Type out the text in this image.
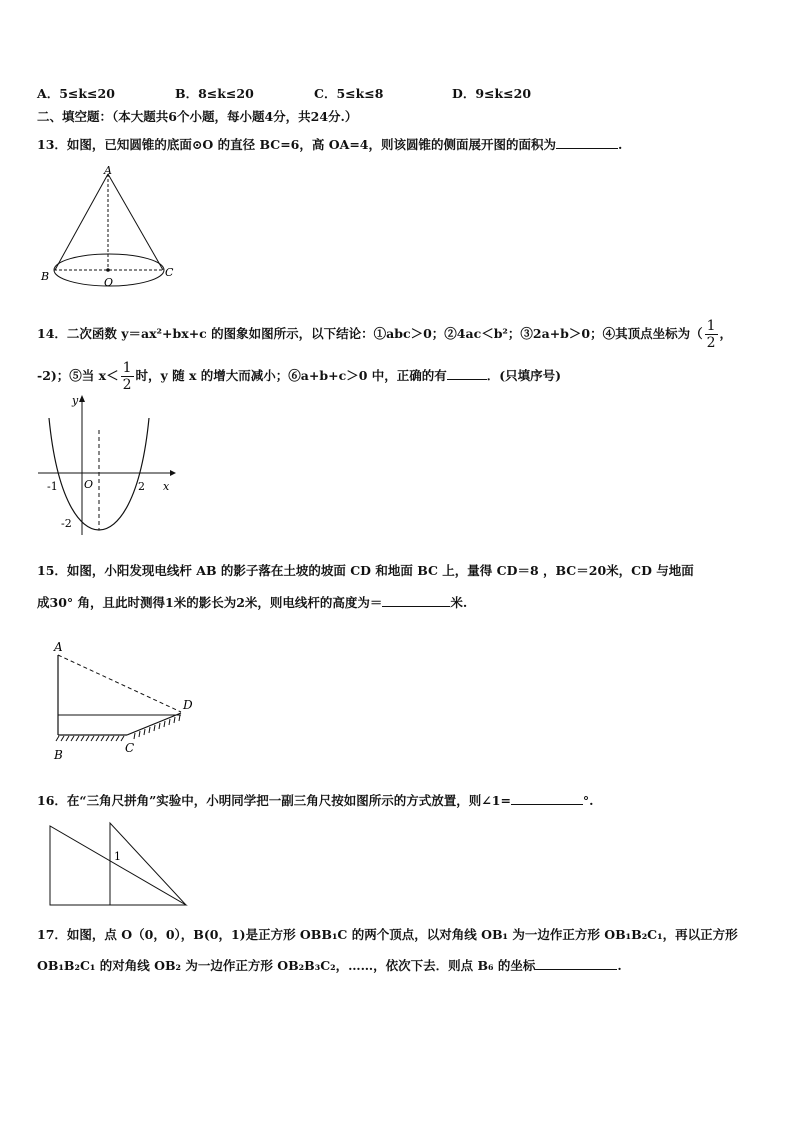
A．5≤k≤20	B．8≤k≤20	C．5≤k≤8	D．9≤k≤20
二、填空题：（本大题共6个小题，每小题4分，共24分.）
13．如图，已知圆锥的底面⊙O 的直径 BC=6，高 OA=4，则该圆锥的侧面展开图的面积为	.
A
B	C
O
14．二次函数 y＝ax²+bx+c 的图象如图所示，以下结论：①abc＞0；②4ac＜b²；③2a+b＞0；④其顶点坐标为（ $\frac{1}{2}$ ，
-2)；⑤当 $x< \frac{1}{2}$ 时，y 随 x 的增大而减小；⑥a+b+c＞0 中，正确的有	．(只填序号)
y
x
O
-1	2
-2
15．如图，小阳发现电线杆 AB 的影子落在土坡的坡面 CD 和地面 BC 上，量得 CD＝8 ，BC＝20米，CD 与地面
成30° 角，且此时测得1米的影长为2米，则电线杆的高度为＝	米.
A
B	C
D
16．在“三角尺拼角”实验中，小明同学把一副三角尺按如图所示的方式放置，则∠1=	°.
1
17．如图，点 O（0，0），B(0，1)是正方形 OBB₁C 的两个顶点，以对角线 OB₁ 为一边作正方形 OB₁B₂C₁，再以正方形
OB₁B₂C₁ 的对角线 OB₂ 为一边作正方形 OB₂B₃C₂，……，依次下去．则点 B₆ 的坐标	.
